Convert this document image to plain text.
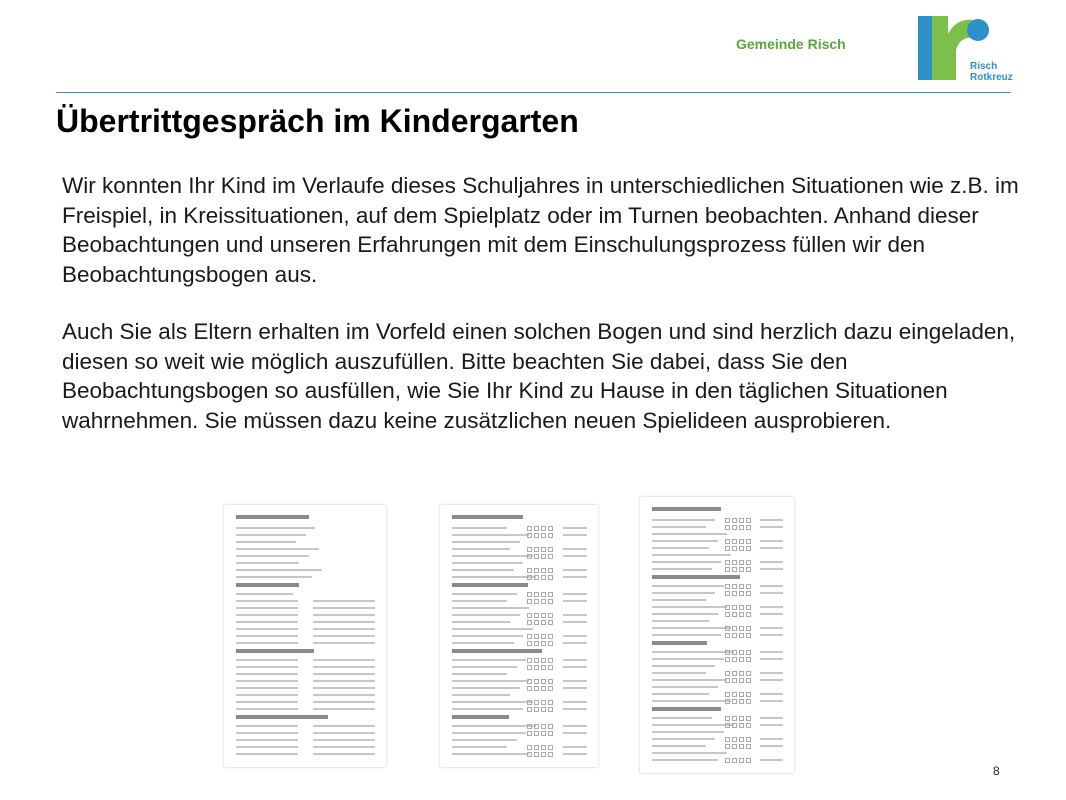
Gemeinde Risch
Risch
Rotkreuz
Übertrittgespräch im Kindergarten

Wir konnten Ihr Kind im Verlaufe dieses Schuljahres in unterschiedlichen Situationen wie z.B. im Freispiel, in Kreissituationen, auf dem Spielplatz oder im Turnen beobachten. Anhand dieser Beobachtungen und unseren Erfahrungen mit dem Einschulungsprozess füllen wir den Beobachtungsbogen aus.

Auch Sie als Eltern erhalten im Vorfeld einen solchen Bogen und sind herzlich dazu eingeladen, diesen so weit wie möglich auszufüllen. Bitte beachten Sie dabei, dass Sie den Beobachtungsbogen so ausfüllen, wie Sie Ihr Kind zu Hause in den täglichen Situationen wahrnehmen. Sie müssen dazu keine zusätzlichen neuen Spielideen ausprobieren.

8
